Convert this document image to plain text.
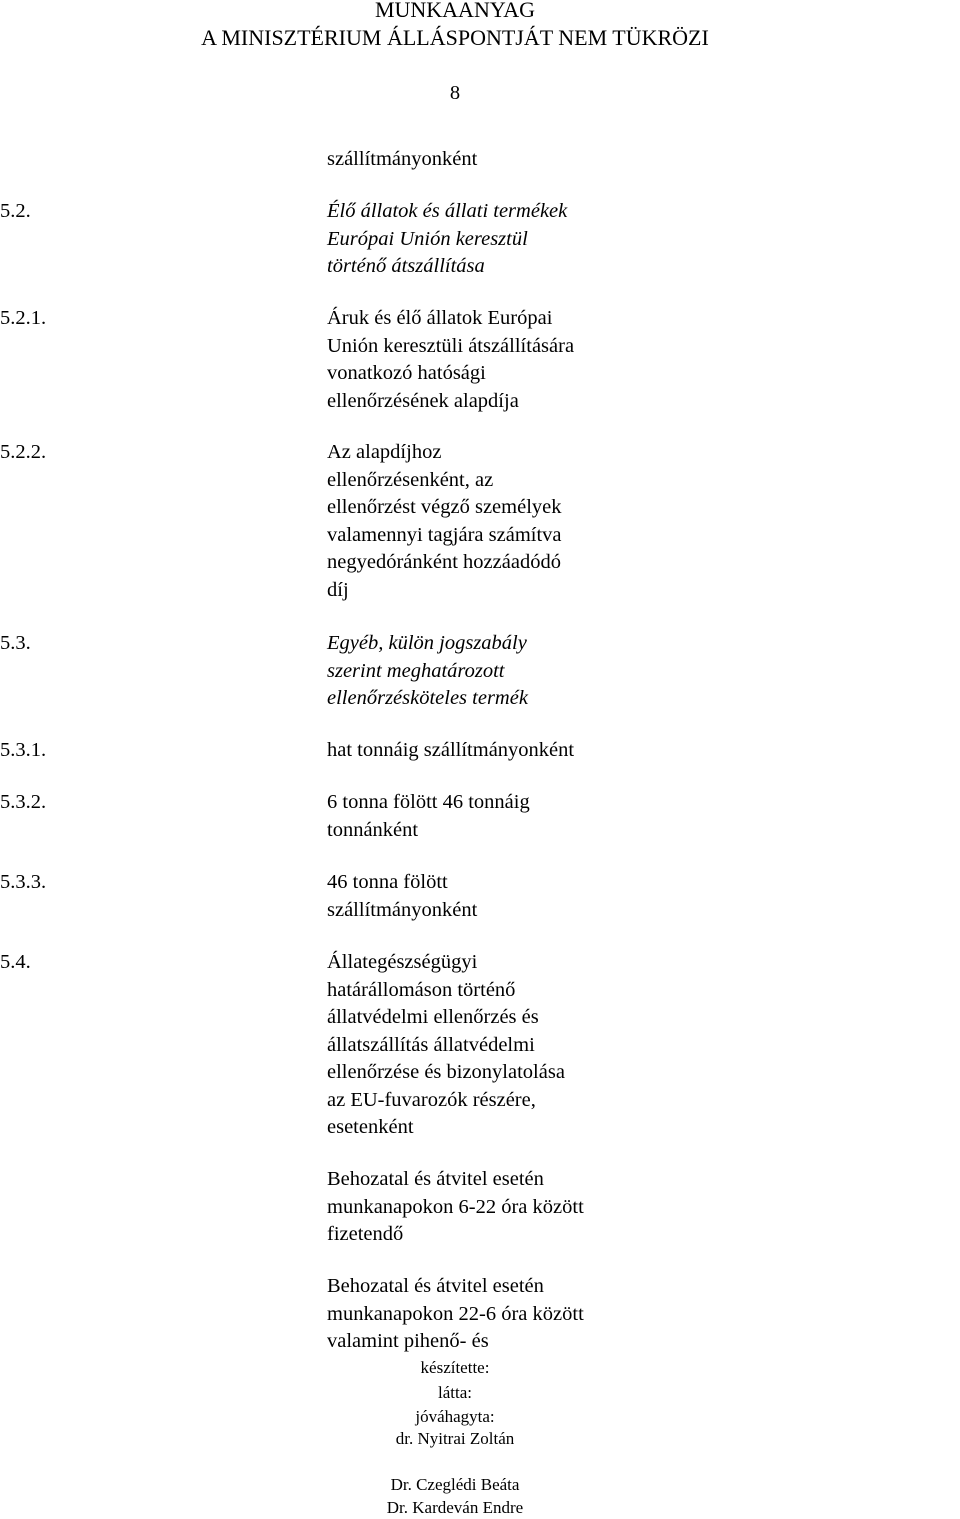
MUNKAANYAG
A MINISZTÉRIUM ÁLLÁSPONTJÁT NEM TÜKRÖZI
8
szállítmányonként
5.2.	Élő állatok és állati termékek
Európai Unión keresztül
történő átszállítása
5.2.1.	Áruk és élő állatok Európai
Unión keresztüli átszállítására
vonatkozó hatósági
ellenőrzésének alapdíja
5.2.2.	Az alapdíjhoz
ellenőrzésenként, az
ellenőrzést végző személyek
valamennyi tagjára számítva
negyedóránként hozzáadódó
díj
5.3.	Egyéb, külön jogszabály
szerint meghatározott
ellenőrzésköteles termék
5.3.1.	hat tonnáig szállítmányonként
5.3.2.	6 tonna fölött 46 tonnáig
tonnánként
5.3.3.	46 tonna fölött
szállítmányonként
5.4.	Állategészségügyi
határállomáson történő
állatvédelmi ellenőrzés és
állatszállítás állatvédelmi
ellenőrzése és bizonylatolása
az EU-fuvarozók részére,
esetenként
Behozatal és átvitel esetén
munkanapokon 6-22 óra között
fizetendő
Behozatal és átvitel esetén
munkanapokon 22-6 óra között
valamint pihenő- és
készítette:
látta:
jóváhagyta:
dr. Nyitrai Zoltán
Dr. Czeglédi Beáta
Dr. Kardeván Endre
